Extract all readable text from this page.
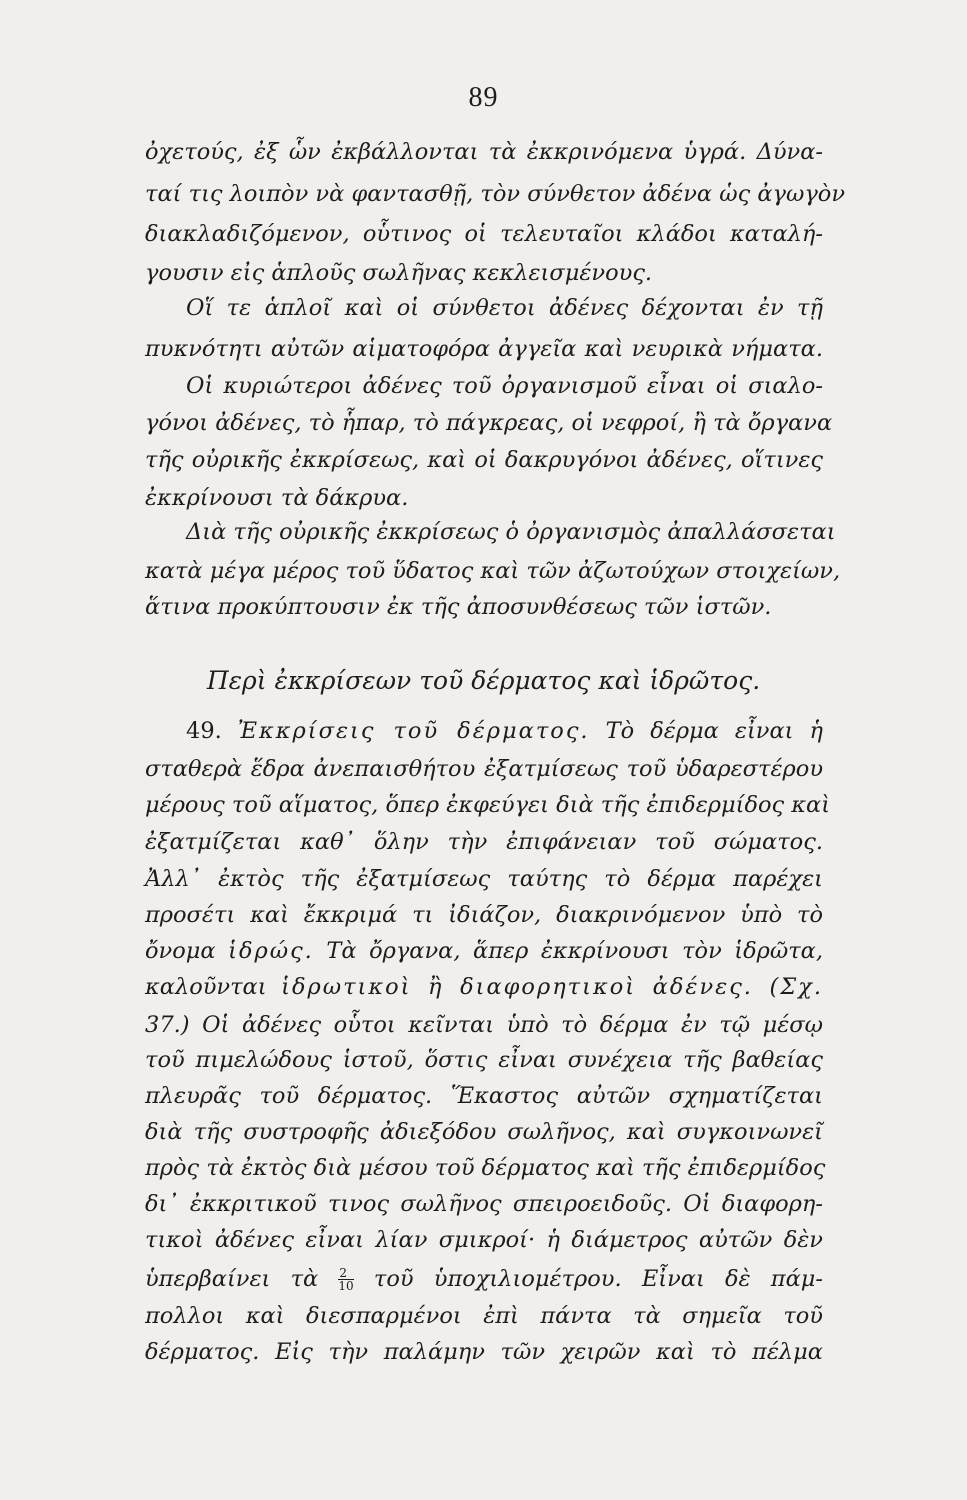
89
ὀχετούς, ἐξ ὧν ἐκβάλλονται τὰ ἐκκρινόμενα ὑγρά. Δύνα-
ταί τις λοιπὸν νὰ φαντασθῇ, τὸν σύνθετον ἀδένα ὡς ἀγωγὸν
διακλαδιζόμενον, οὗτινος οἱ τελευταῖοι κλάδοι καταλή-
γουσιν εἰς ἁπλοῦς σωλῆνας κεκλεισμένους.
Οἵ τε ἁπλοῖ καὶ οἱ σύνθετοι ἀδένες δέχονται ἐν τῇ
πυκνότητι αὐτῶν αἱματοφόρα ἀγγεῖα καὶ νευρικὰ νήματα.
Οἱ κυριώτεροι ἀδένες τοῦ ὀργανισμοῦ εἶναι οἱ σιαλο-
γόνοι ἀδένες, τὸ ἧπαρ, τὸ πάγκρεας, οἱ νεφροί, ἢ τὰ ὄργανα
τῆς οὐρικῆς ἐκκρίσεως, καὶ οἱ δακρυγόνοι ἀδένες, οἵτινες
ἐκκρίνουσι τὰ δάκρυα.
Διὰ τῆς οὐρικῆς ἐκκρίσεως ὁ ὀργανισμὸς ἀπαλλάσσεται
κατὰ μέγα μέρος τοῦ ὕδατος καὶ τῶν ἀζωτούχων στοιχείων,
ἅτινα προκύπτουσιν ἐκ τῆς ἀποσυνθέσεως τῶν ἱστῶν.
Περὶ ἐκκρίσεων τοῦ δέρματος καὶ ἱδρῶτος.
49. Ἐκκρίσεις τοῦ δέρματος. Τὸ δέρμα εἶναι ἡ
σταθερὰ ἕδρα ἀνεπαισθήτου ἐξατμίσεως τοῦ ὑδαρεστέρου
μέρους τοῦ αἵματος, ὅπερ ἐκφεύγει διὰ τῆς ἐπιδερμίδος καὶ
ἐξατμίζεται καθ᾽ ὅλην τὴν ἐπιφάνειαν τοῦ σώματος.
Ἀλλ᾽ ἐκτὸς τῆς ἐξατμίσεως ταύτης τὸ δέρμα παρέχει
προσέτι καὶ ἔκκριμά τι ἰδιάζον, διακρινόμενον ὑπὸ τὸ
ὄνομα ἱδρώς. Τὰ ὄργανα, ἅπερ ἐκκρίνουσι τὸν ἱδρῶτα,
καλοῦνται ἱδρωτικοὶ ἢ διαφορητικοὶ ἀδένες. (Σχ.
37.) Οἱ ἀδένες οὗτοι κεῖνται ὑπὸ τὸ δέρμα ἐν τῷ μέσῳ
τοῦ πιμελώδους ἱστοῦ, ὅστις εἶναι συνέχεια τῆς βαθείας
πλευρᾶς τοῦ δέρματος. Ἕκαστος αὐτῶν σχηματίζεται
διὰ τῆς συστροφῆς ἀδιεξόδου σωλῆνος, καὶ συγκοινωνεῖ
πρὸς τὰ ἐκτὸς διὰ μέσου τοῦ δέρματος καὶ τῆς ἐπιδερμίδος
δι᾽ ἐκκριτικοῦ τινος σωλῆνος σπειροειδοῦς. Οἱ διαφορη-
τικοὶ ἀδένες εἶναι λίαν σμικροί· ἡ διάμετρος αὐτῶν δὲν
ὑπερβαίνει τὰ $\frac{2}{10}$ τοῦ ὑποχιλιομέτρου. Εἶναι δὲ πάμ-
πολλοι καὶ διεσπαρμένοι ἐπὶ πάντα τὰ σημεῖα τοῦ
δέρματος. Εἰς τὴν παλάμην τῶν χειρῶν καὶ τὸ πέλμα
